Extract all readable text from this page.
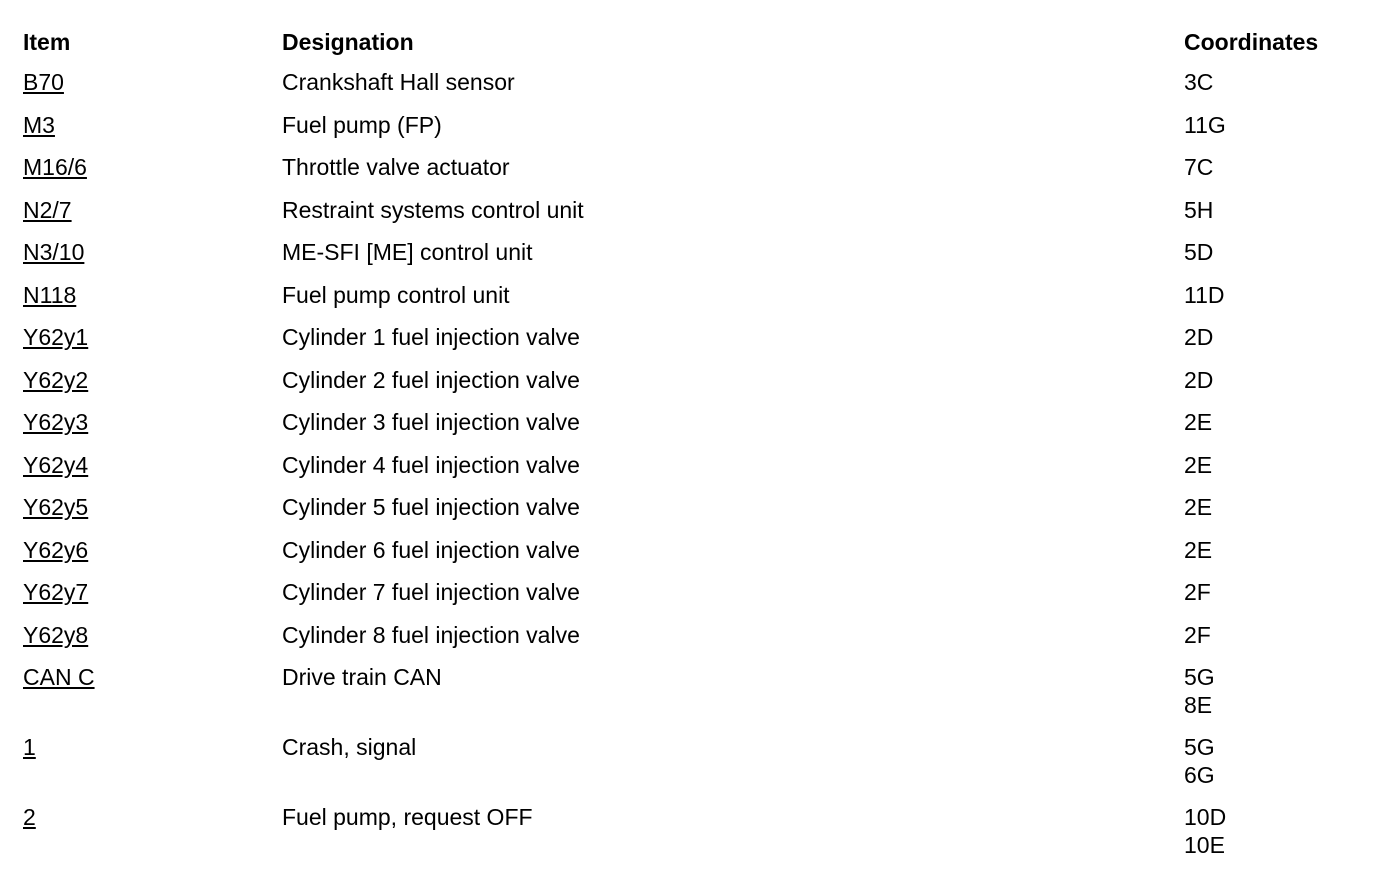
Item	Designation	Coordinates
B70	Crankshaft Hall sensor	3C
M3	Fuel pump (FP)	11G
M16/6	Throttle valve actuator	7C
N2/7	Restraint systems control unit	5H
N3/10	ME-SFI [ME] control unit	5D
N118	Fuel pump control unit	11D
Y62y1	Cylinder 1 fuel injection valve	2D
Y62y2	Cylinder 2 fuel injection valve	2D
Y62y3	Cylinder 3 fuel injection valve	2E
Y62y4	Cylinder 4 fuel injection valve	2E
Y62y5	Cylinder 5 fuel injection valve	2E
Y62y6	Cylinder 6 fuel injection valve	2E
Y62y7	Cylinder 7 fuel injection valve	2F
Y62y8	Cylinder 8 fuel injection valve	2F
CAN C	Drive train CAN	5G
8E
1	Crash, signal	5G
6G
2	Fuel pump, request OFF	10D
10E
